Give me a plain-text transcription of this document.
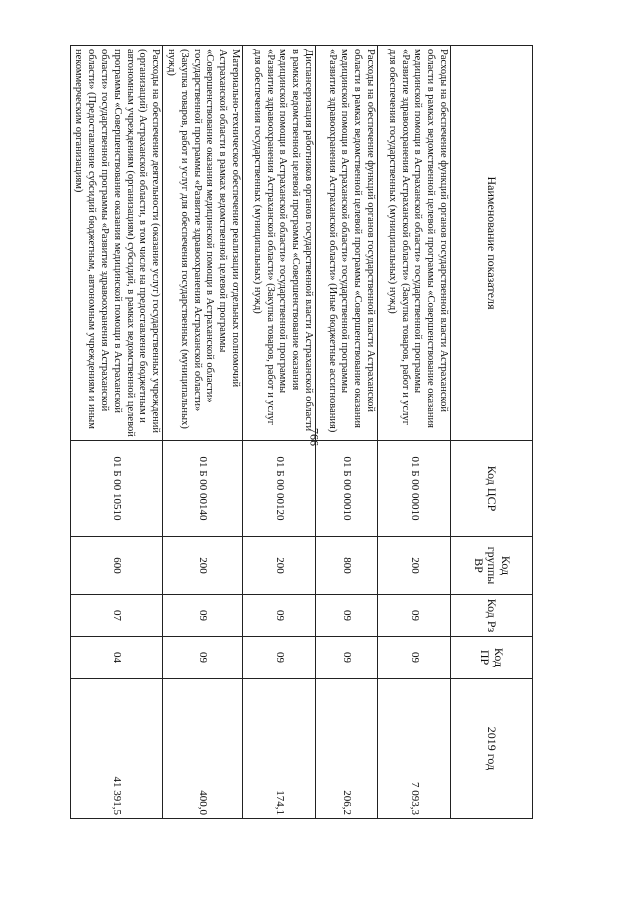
766
Наименование показателя	Код ЦСР	Код группы ВР	Код Рз	Код ПР	2019 год
Расходы на обеспечение функций органов государственной власти Астраханской области в рамках ведомственной целевой программы «Совершенствование оказания медицинской помощи в Астраханской области» государственной программы «Развитие здравоохранения Астраханской области» (Закупка товаров, работ и услуг для обеспечения государственных (муниципальных) нужд)	01 Б 00 00010	200	09	09	7 093,3
Расходы на обеспечение функций органов государственной власти Астраханской области в рамках ведомственной целевой программы «Совершенствование оказания медицинской помощи в Астраханской области» государственной программы «Развитие здравоохранения Астраханской области» (Иные бюджетные ассигнования)	01 Б 00 00010	800	09	09	206,2
Диспансеризация работников органов государственной власти Астраханской области в рамках ведомственной целевой программы «Совершенствование оказания медицинской помощи в Астраханской области» государственной программы «Развитие здравоохранения Астраханской области» (Закупка товаров, работ и услуг для обеспечения государственных (муниципальных) нужд)	01 Б 00 00120	200	09	09	174,1
Материально-техническое обеспечение реализации отдельных полномочий Астраханской области в рамках ведомственной целевой программы «Совершенствование оказания медицинской помощи в Астраханской области» государственной программы «Развитие здравоохранения Астраханской области» (Закупка товаров, работ и услуг для обеспечения государственных (муниципальных) нужд)	01 Б 00 00140	200	09	09	400,0
Расходы на обеспечение деятельности (оказание услуг) государственных учреждений (организаций) Астраханской области, в том числе на предоставление бюджетным и автономным учреждениям (организациям) субсидий, в рамках ведомственной целевой программы «Совершенствование оказания медицинской помощи в Астраханской области» государственной программы «Развитие здравоохранения Астраханской области» (Предоставление субсидий бюджетным, автономным учреждениям и иным некоммерческим организациям)	01 Б 00 10510	600	07	04	41 391,5
